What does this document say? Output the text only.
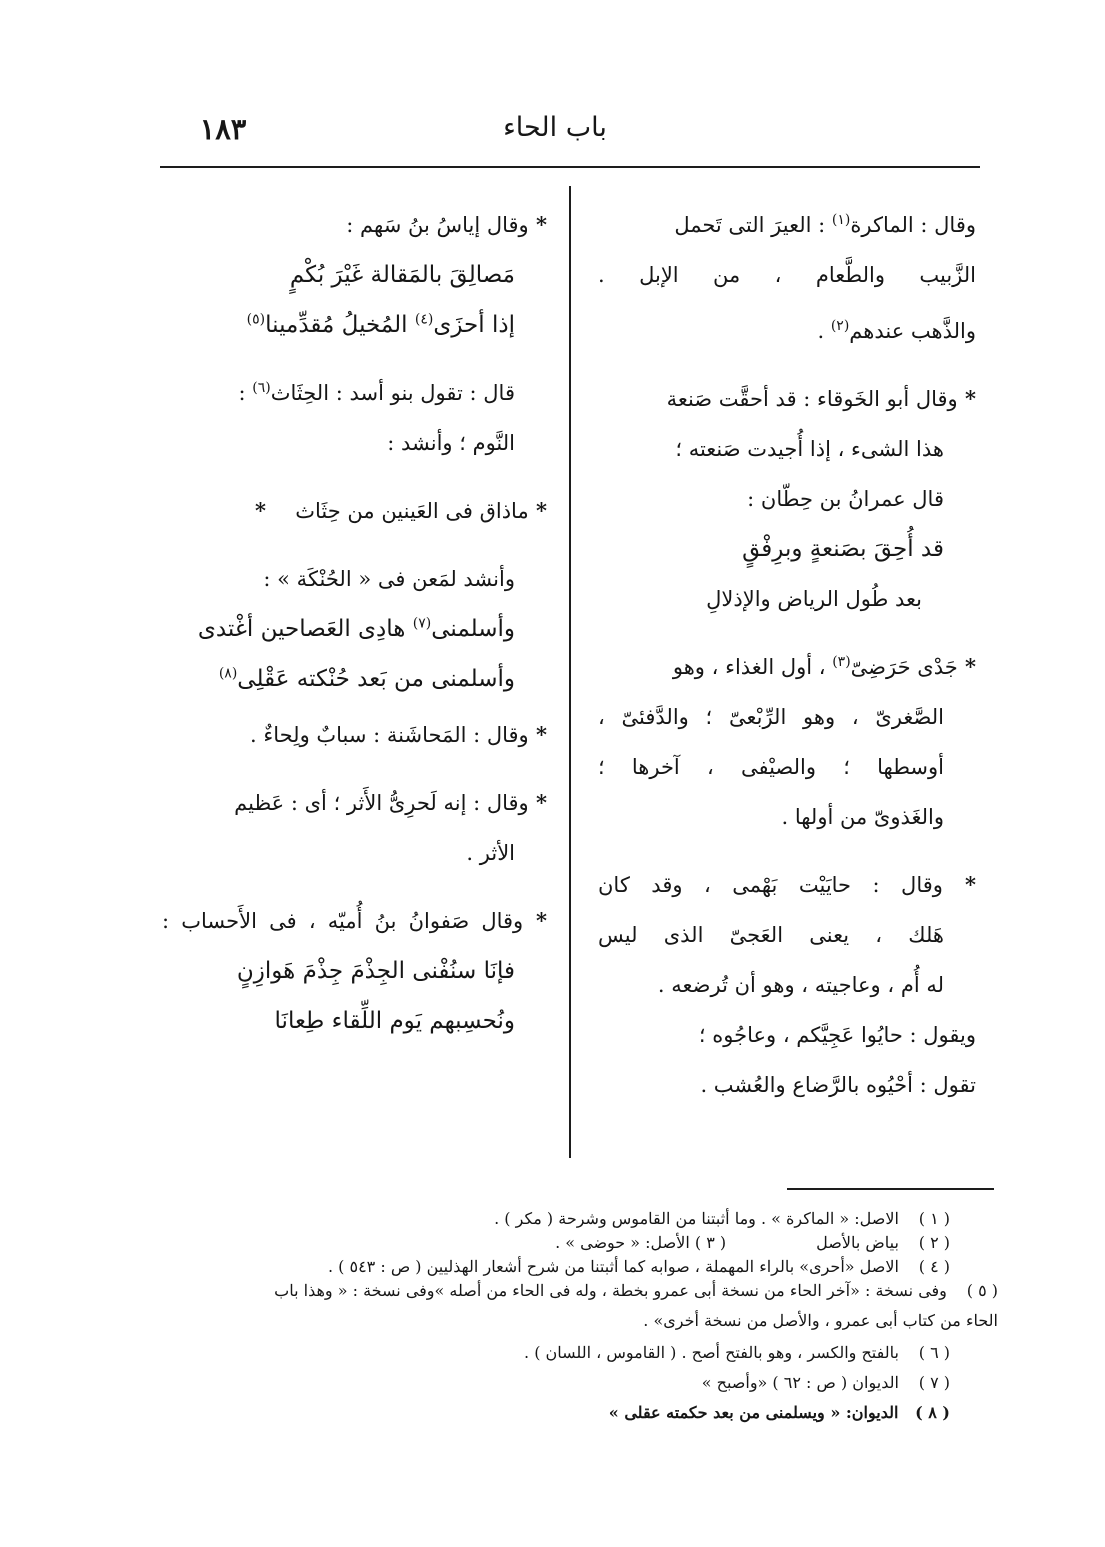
باب الحاء
١٨٣
وقال : الماكرة$^{(١)}$ : العيرَ التى تَحمل
الزَّبيب والطَّعام ، من الإبل .
والذَّهب عندهم$^{(٢)}$ .
* وقال أبو الخَوقاء : قد أحقَّت صَنعة
هذا الشىء ، إذا أُجيدت صَنعته ؛
قال عمرانُ بن حِطّان :
قد أُحِقَ بصَنعةٍ وبرِفْقٍ
بعد طُول الرياض والإذلالِ
* جَدْى حَرَضِىّ$^{(٣)}$ ، أول الغذاء ، وهو
الصَّغرىّ ، وهو الرِّبْعىّ ؛ والدَّفئىّ ،
أوسطها ؛ والصيْفى ، آخرها ؛
والغَذوىّ من أولها .
* وقال : حايَيْت بَهْمى ، وقد كان
هَلك ، يعنى العَجىّ الذى ليس
له أُم ، وعاجيته ، وهو أن تُرضعه .
ويقول : حايُوا عَجِيَّكم ، وعاجُوه ؛
تقول : أحْيُوه بالرَّضاع والعُشب .
* وقال إياسُ بنُ سَهم :
مَصالِقَ بالمَقالة غَيْرَ بُكْمٍ
إذا أحزَى$^{(٤)}$ المُخيلُ مُقدِّمينا$^{(٥)}$
قال : تقول بنو أسد : الحِثَاث$^{(٦)}$ :
النَّوم ؛ وأنشد :
* ماذاق فى العَينين من حِثَاث    *
وأنشد لمَعن فى « الحُنْكَة » :
وأسلمنى$^{(٧)}$ هادِى العَصاحين أغْتدى
وأسلمنى من بَعد حُنْكته عَقْلِى$^{(٨)}$
* وقال : المَحاشَنة : سبابٌ ولِحاءٌ .
* وقال : إنه لَحرِىُّ الأَثر ؛ أى : عَظيم
الأثر .
* وقال صَفوانُ بنُ أُميّه ، فى الأَحساب :
فإنَا سنُفْنى الجِذْمَ جِذْمَ هَوازِنٍ
ونُحسِبهم يَوم اللِّقاء طِعانَا
( ١ ) الاصل: « الماكرة » . وما أثبتنا من القاموس وشرحة ( مكر ) .
( ٢ ) بياض بالأصل( ٣ ) الأصل: « حوضى » .
( ٤ ) الاصل «أحرى» بالراء المهملة ، صوابه كما أثبتنا من شرح أشعار الهذليين ( ص : ٥٤٣ ) .
( ٥ ) وفى نسخة : «آخر الحاء من نسخة أبى عمرو بخطة ، وله فى الحاء من أصله »وفى نسخة : « وهذا باب
الحاء من كتاب أبى عمرو ، والأصل من نسخة أخرى» .
( ٦ ) بالفتح والكسر ، وهو بالفتح أصح . ( القاموس ، اللسان ) .
( ٧ ) الديوان ( ص : ٦٢ ) «وأصبح »
( ٨ ) الديوان: « ويسلمنى من بعد حكمته عقلى »
